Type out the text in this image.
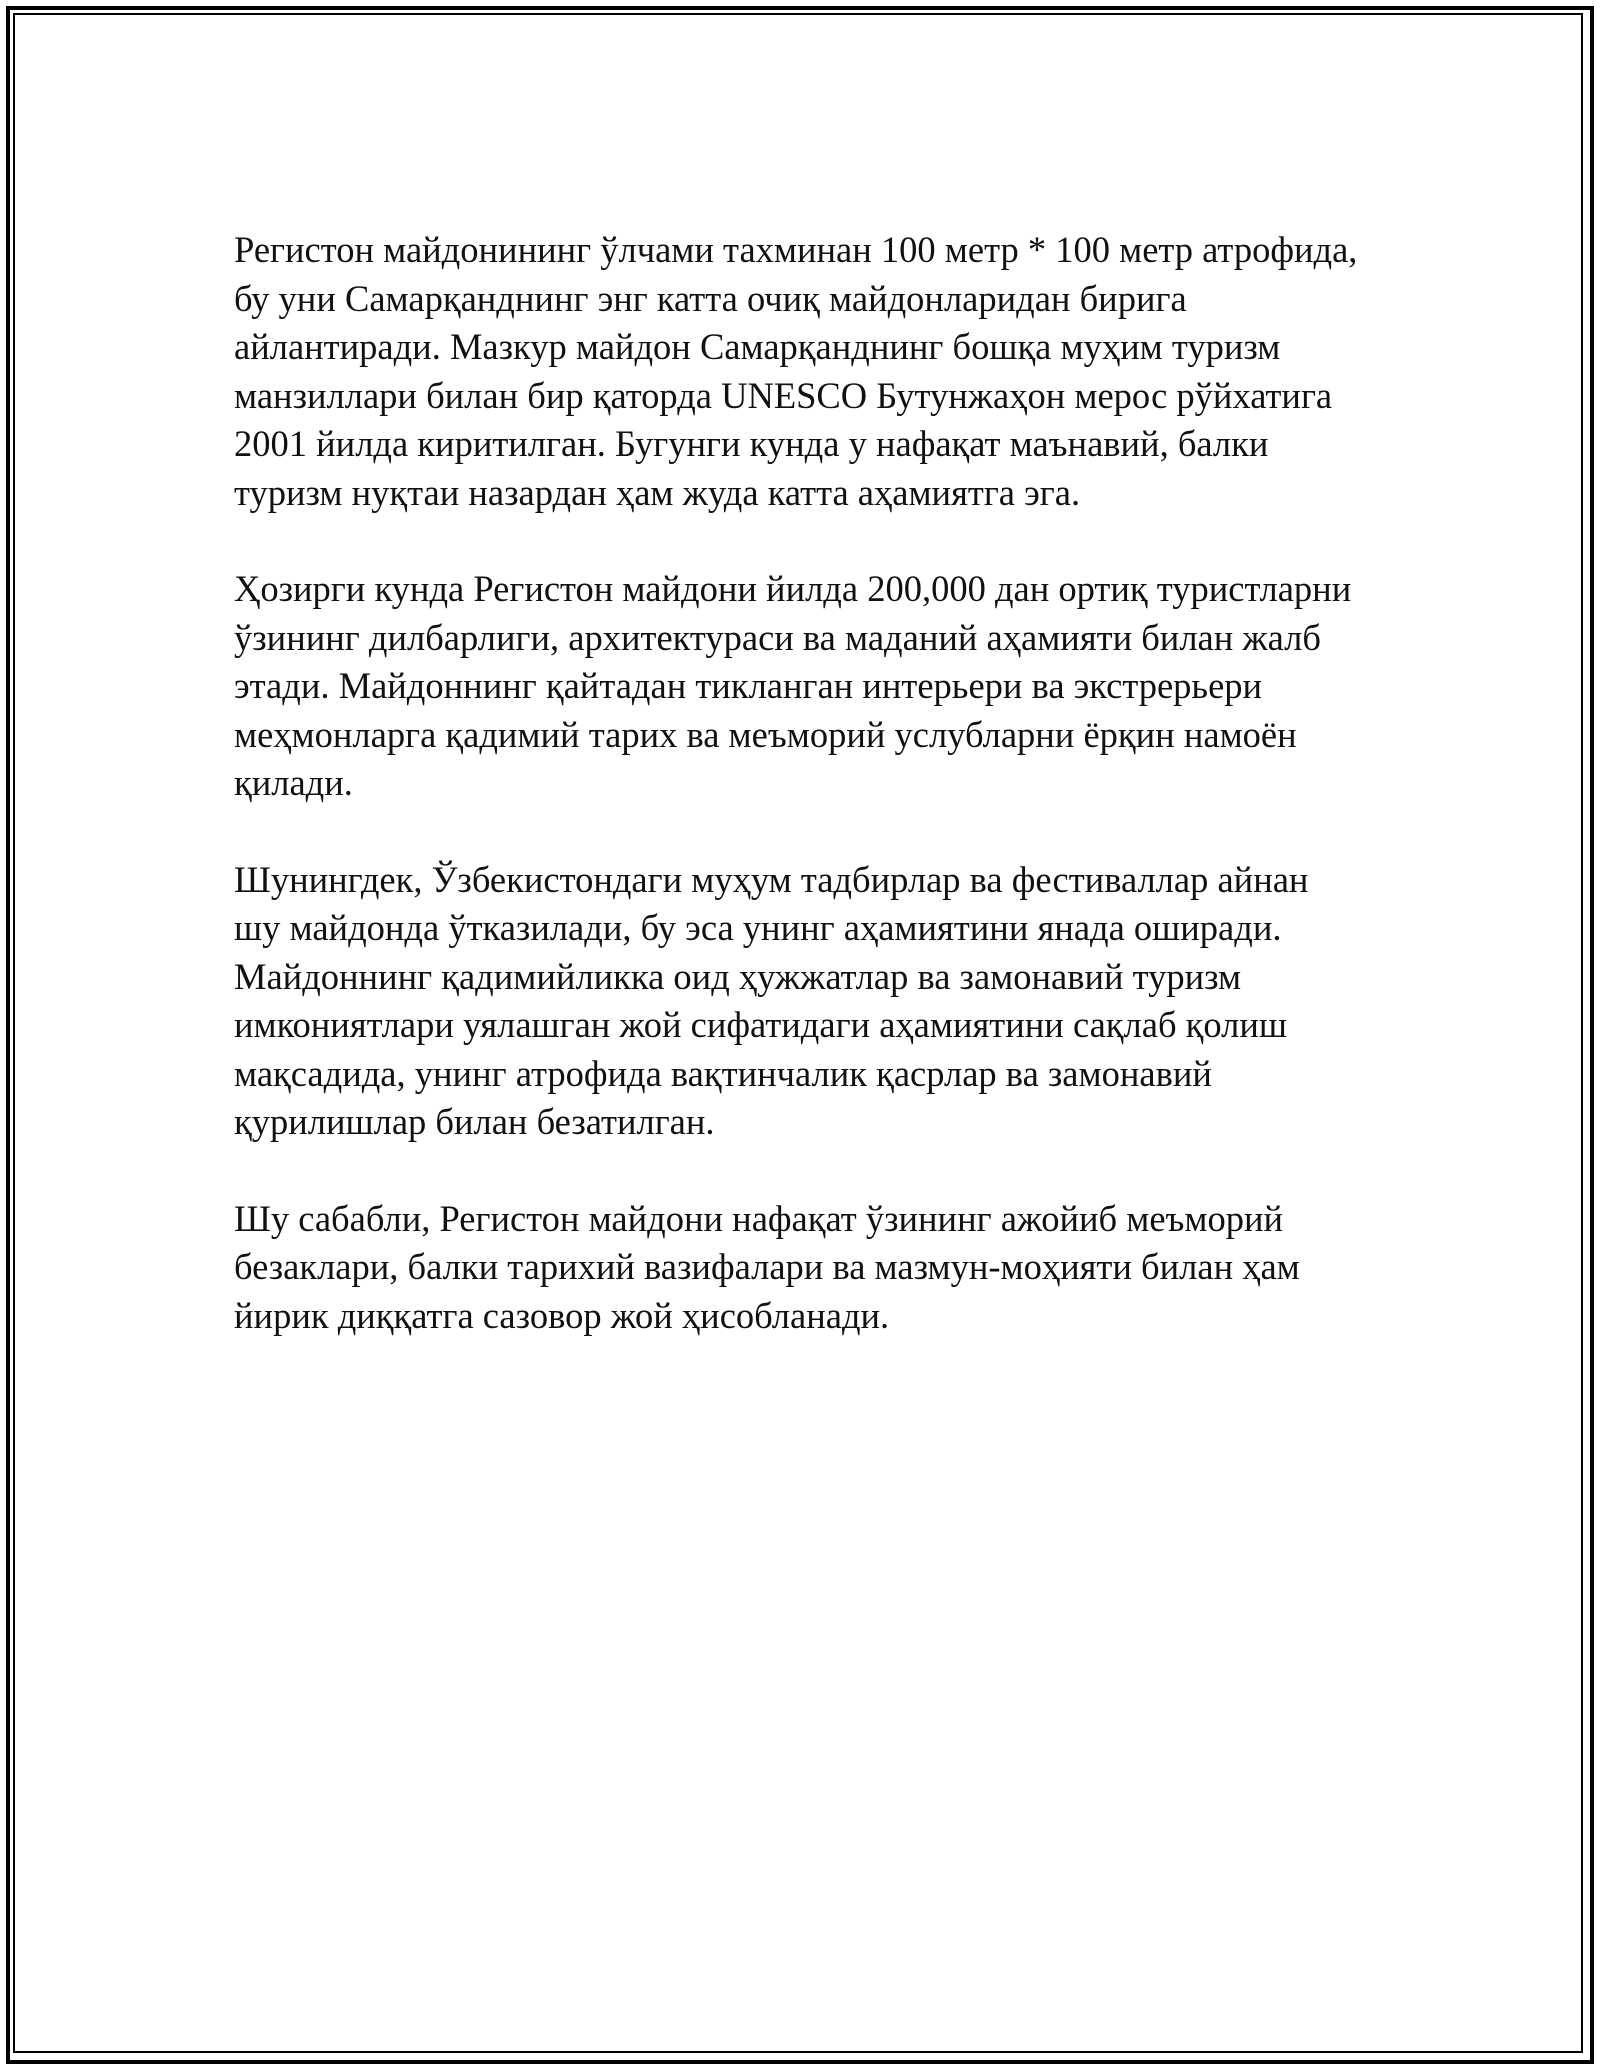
Регистон майдонининг ўлчами тахминан 100 метр * 100 метр атрофида,
бу уни Самарқанднинг энг катта очиқ майдонларидан бирига
айлантиради. Мазкур майдон Самарқанднинг бошқа муҳим туризм
манзиллари билан бир қаторда UNESCO Бутунжаҳон мерос рўйхатига
2001 йилда киритилган. Бугунги кунда у нафақат маънавий, балки
туризм нуқтаи назардан ҳам жуда катта аҳамиятга эга.

Ҳозирги кунда Регистон майдони йилда 200,000 дан ортиқ туристларни
ўзининг дилбарлиги, архитектураси ва маданий аҳамияти билан жалб
этади. Майдоннинг қайтадан тикланган интерьери ва экстрерьери
меҳмонларга қадимий тарих ва меъморий услубларни ёрқин намоён
қилади.

Шунингдек, Ўзбекистондаги муҳум тадбирлар ва фестиваллар айнан
шу майдонда ўтказилади, бу эса унинг аҳамиятини янада оширади.
Майдоннинг қадимийликка оид ҳужжатлар ва замонавий туризм
имкониятлари уялашган жой сифатидаги аҳамиятини сақлаб қолиш
мақсадида, унинг атрофида вақтинчалик қасрлар ва замонавий
қурилишлар билан безатилган.

Шу сабабли, Регистон майдони нафақат ўзининг ажойиб меъморий
безаклари, балки тарихий вазифалари ва мазмун-моҳияти билан ҳам
йирик диққатга сазовор жой ҳисобланади.
